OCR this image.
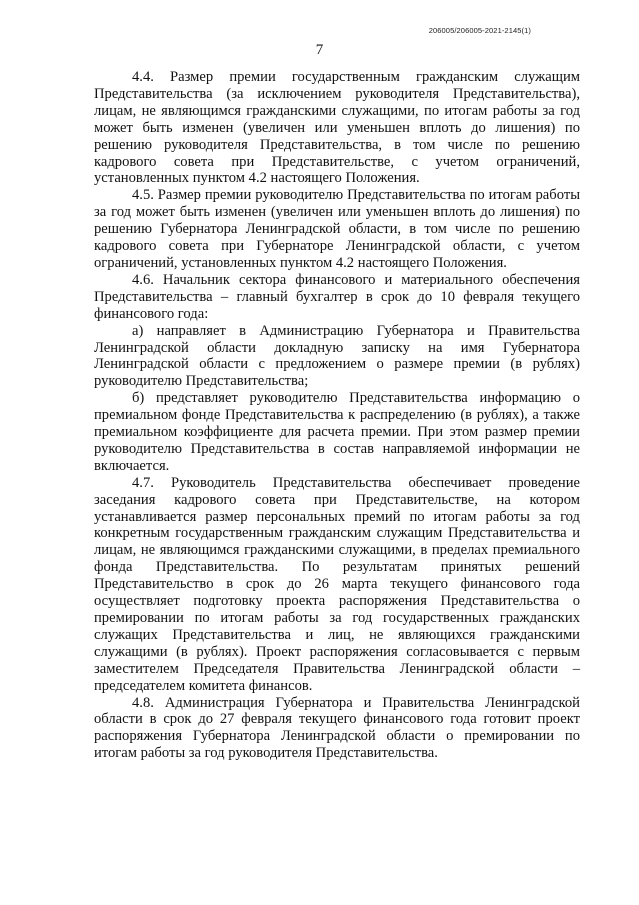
206005/206005-2021-2145(1)
7

4.4. Размер премии государственным гражданским служащим Представительства (за исключением руководителя Представительства), лицам, не являющимся гражданскими служащими, по итогам работы за год может быть изменен (увеличен или уменьшен вплоть до лишения) по решению руководителя Представительства, в том числе по решению кадрового совета при Представительстве, с учетом ограничений, установленных пунктом 4.2 настоящего Положения.

4.5. Размер премии руководителю Представительства по итогам работы за год может быть изменен (увеличен или уменьшен вплоть до лишения) по решению Губернатора Ленинградской области, в том числе по решению кадрового совета при Губернаторе Ленинградской области, с учетом ограничений, установленных пунктом 4.2 настоящего Положения.

4.6. Начальник сектора финансового и материального обеспечения Представительства – главный бухгалтер в срок до 10 февраля текущего финансового года:

а) направляет в Администрацию Губернатора и Правительства Ленинградской области докладную записку на имя Губернатора Ленинградской области с предложением о размере премии (в рублях) руководителю Представительства;

б) представляет руководителю Представительства информацию о премиальном фонде Представительства к распределению (в рублях), а также премиальном коэффициенте для расчета премии. При этом размер премии руководителю Представительства в состав направляемой информации не включается.

4.7. Руководитель Представительства обеспечивает проведение заседания кадрового совета при Представительстве, на котором устанавливается размер персональных премий по итогам работы за год конкретным государственным гражданским служащим Представительства и лицам, не являющимся гражданскими служащими, в пределах премиального фонда Представительства. По результатам принятых решений Представительство в срок до 26 марта текущего финансового года осуществляет подготовку проекта распоряжения Представительства о премировании по итогам работы за год государственных гражданских служащих Представительства и лиц, не являющихся гражданскими служащими (в рублях). Проект распоряжения согласовывается с первым заместителем Председателя Правительства Ленинградской области – председателем комитета финансов.

4.8. Администрация Губернатора и Правительства Ленинградской области в срок до 27 февраля текущего финансового года готовит проект распоряжения Губернатора Ленинградской области о премировании по итогам работы за год руководителя Представительства.
